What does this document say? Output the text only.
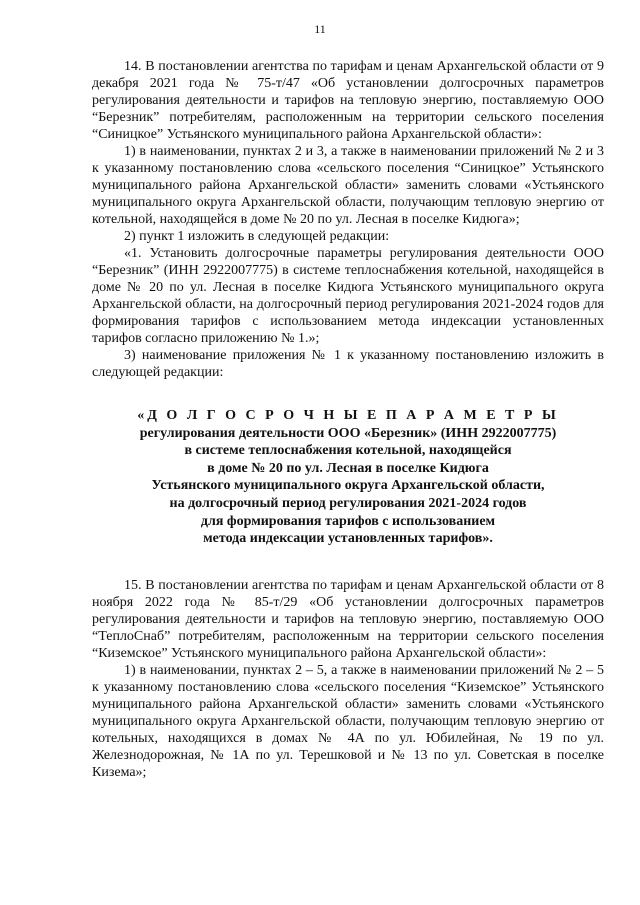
11

14. В постановлении агентства по тарифам и ценам Архангельской области от 9 декабря 2021 года № 75-т/47 «Об установлении долгосрочных параметров регулирования деятельности и тарифов на тепловую энергию, поставляемую ООО “Березник” потребителям, расположенным на территории сельского поселения “Синицкое” Устьянского муниципального района Архангельской области»:

1) в наименовании, пунктах 2 и 3, а также в наименовании приложений № 2 и 3 к указанному постановлению слова «сельского поселения “Синицкое” Устьянского муниципального района Архангельской области» заменить словами «Устьянского муниципального округа Архангельской области, получающим тепловую энергию от котельной, находящейся в доме № 20 по ул. Лесная в поселке Кидюга»;

2) пункт 1 изложить в следующей редакции:

«1. Установить долгосрочные параметры регулирования деятельности ООО “Березник” (ИНН 2922007775) в системе теплоснабжения котельной, находящейся в доме № 20 по ул. Лесная в поселке Кидюга Устьянского муниципального округа Архангельской области, на долгосрочный период регулирования 2021-2024 годов для формирования тарифов с использованием метода индексации установленных тарифов согласно приложению № 1.»;

3) наименование приложения № 1 к указанному постановлению изложить в следующей редакции:

«Д О Л Г О С Р О Ч Н Ы Е П А Р А М Е Т Р Ы
регулирования деятельности ООО «Березник» (ИНН 2922007775)
в системе теплоснабжения котельной, находящейся
в доме № 20 по ул. Лесная в поселке Кидюга
Устьянского муниципального округа Архангельской области,
на долгосрочный период регулирования 2021-2024 годов
для формирования тарифов с использованием
метода индексации установленных тарифов».

15. В постановлении агентства по тарифам и ценам Архангельской области от 8 ноября 2022 года № 85-т/29 «Об установлении долгосрочных параметров регулирования деятельности и тарифов на тепловую энергию, поставляемую ООО “ТеплоСнаб” потребителям, расположенным на территории сельского поселения “Киземское” Устьянского муниципального района Архангельской области»:

1) в наименовании, пунктах 2 – 5, а также в наименовании приложений № 2 – 5 к указанному постановлению слова «сельского поселения “Киземское” Устьянского муниципального района Архангельской области» заменить словами «Устьянского муниципального округа Архангельской области, получающим тепловую энергию от котельных, находящихся в домах № 4А по ул. Юбилейная, № 19 по ул. Железнодорожная, № 1А по ул. Терешковой и № 13 по ул. Советская в поселке Кизема»;
